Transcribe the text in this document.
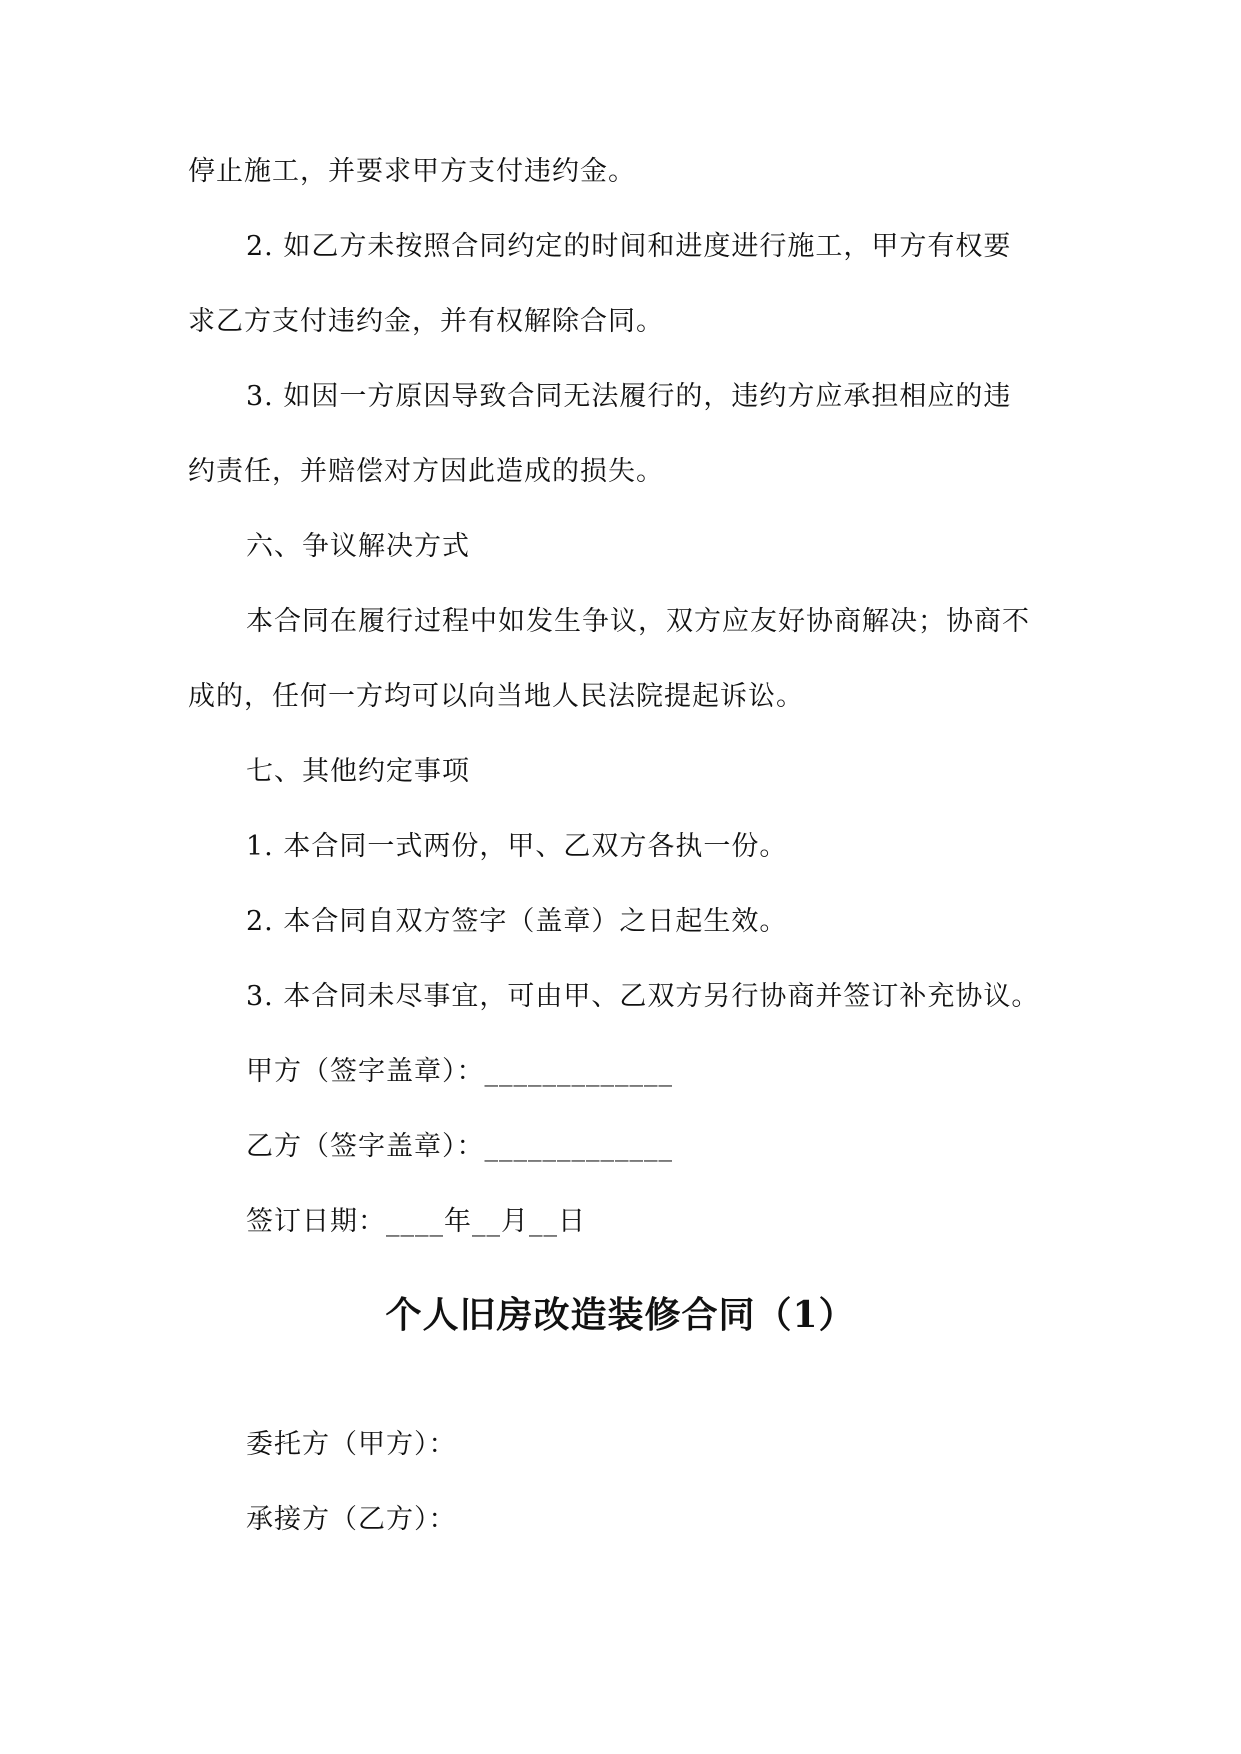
停止施工，并要求甲方支付违约金。
2. 如乙方未按照合同约定的时间和进度进行施工，甲方有权要
求乙方支付违约金，并有权解除合同。
3. 如因一方原因导致合同无法履行的，违约方应承担相应的违
约责任，并赔偿对方因此造成的损失。
六、争议解决方式
本合同在履行过程中如发生争议，双方应友好协商解决；协商不
成的，任何一方均可以向当地人民法院提起诉讼。
七、其他约定事项
1. 本合同一式两份，甲、乙双方各执一份。
2. 本合同自双方签字（盖章）之日起生效。
3. 本合同未尽事宜，可由甲、乙双方另行协商并签订补充协议。
甲方（签字盖章）：_____________
乙方（签字盖章）：_____________
签订日期：____年__月__日
个人旧房改造装修合同（1）
委托方（甲方）：
承接方（乙方）：
